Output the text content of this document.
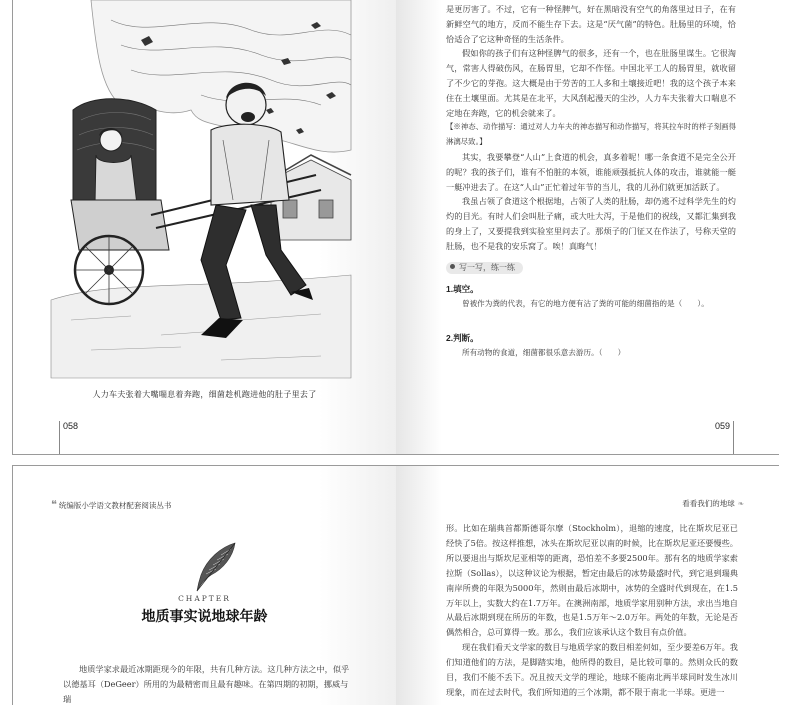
人力车夫张着大嘴喘息着奔跑，细菌趁机跑进他的肚子里去了
058

是更厉害了。不过，它有一种怪脾气，好在黑暗没有空气的角落里过日子，在有新鲜空气的地方，反而不能生存下去。这是“厌气菌”的特色。肚肠里的环境，恰恰适合了它这种奇怪的生活条件。

假如你的孩子们有这种怪脾气的很多，还有一个，也在肚肠里谋生。它很淘气，常害人得破伤风，在肠胃里，它却不作怪。中国北平工人的肠胃里，就收留了不少它的芽孢。这大概是由于劳苦的工人多和土壤接近吧！我的这个孩子本来住在土壤里面。尤其是在北平，大风刮起漫天的尘沙，人力车夫张着大口喘息不定地在奔跑，它的机会就来了。

【※神态、动作描写：通过对人力车夫的神态描写和动作描写，将其拉车时的样子刻画得淋漓尽致。】

其实，我要攀登“人山”上食道的机会，真多着呢！哪一条食道不是完全公开的呢？我的孩子们，谁有不怕脏的本领，谁能顽强抵抗人体的攻击，谁就能一艇一艇冲进去了。在这“人山”正忙着过年节的当儿，我的儿孙们就更加活跃了。

我虽占领了食道这个根据地，占领了人类的肚肠，却仍逃不过科学先生的灼灼的目光。有时人们会叫肚子痛，或大吐大泻，于是他们的祝线，又都汇集到我的身上了，又要提我到实验室里问去了。那烦子的门征又在作法了，号称天堂的肚肠，也不是我的安乐窝了。唉！真晦气！

写一写，练一练
1.填空。
曾被作为粪的代表，有它的地方便有沾了粪的可能的细菌指的是（　　）。
2.判断。
所有动物的食道，细菌都很乐意去游历。（　　）
059
❝ 统编版小学语文教材配套阅读丛书
CHAPTER
地质事实说地球年龄

地质学家求最近冰期距现今的年限，共有几种方法。这几种方法之中，似乎以德基耳（DeGeer）所用的为最精密而且最有趣味。在第四期的初期，挪威与瑞

看看我们的地球 ❧

形。比如在瑞典首都斯德哥尔摩（Stockholm），退缩的速度，比在斯坎尼亚已经快了5倍。按这样推想，冰头在斯坎尼亚以南的时候，比在斯坎尼亚还要慢些。所以要退出与斯坎尼亚相等的距离，恐怕差不多要2500年。那有名的地质学家索拉斯（Sollas），以这种议论为根据，暂定由最后的冰势最盛时代，到它退到瑞典南岸所费的年限为5000年，然则由最后冰期中，冰势的全盛时代到现在，在1.5万年以上，实数大约在1.7万年。在澳洲南部，地质学家用别种方法，求出当地自从最后冰期到现在所历的年数，也是1.5万年～2.0万年。两处的年数，无论是否偶然相合，总可算得一致。那么，我们应该承认这个数目有点价值。

现在我们看天文学家的数目与地质学家的数目相差何如，至少要差6万年。我们知道他们的方法，是脚踏实地，他所得的数目，是比较可靠的。然则众氏的数目，我们不能不丢下。况且按天文学的理论，地球不能南北两半球同时发生冰川现象，而在过去时代，我们所知道的三个冰期，都不限于南北一半球。更进一
